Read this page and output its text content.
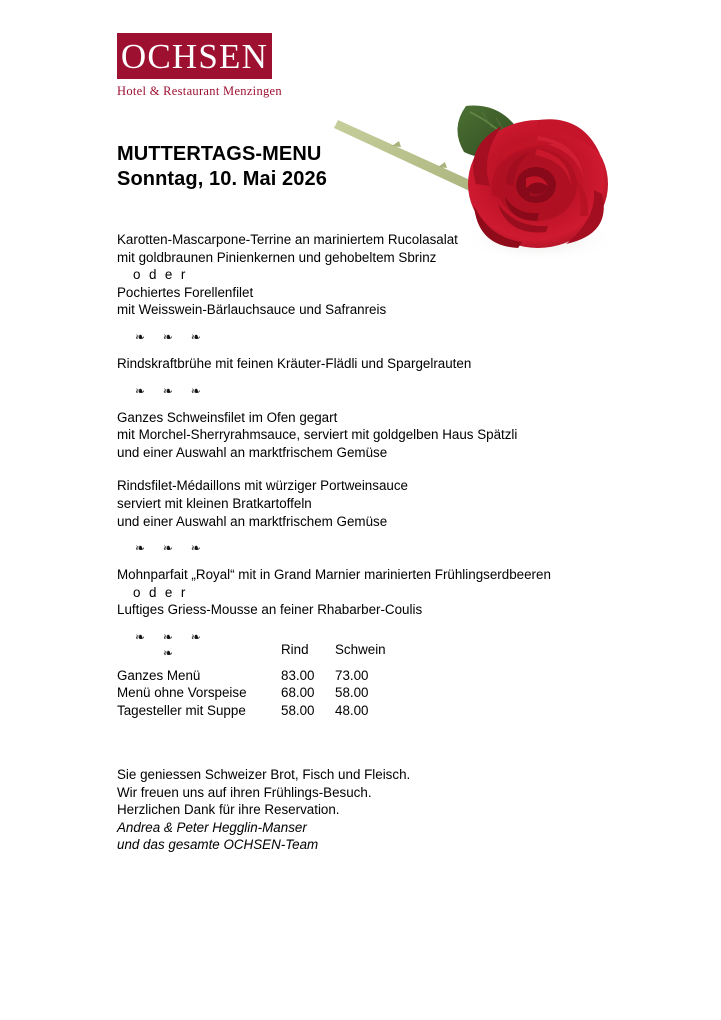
OCHSEN
Hotel & Restaurant Menzingen
MUTTERTAGS-MENU
Sonntag, 10. Mai 2026
Karotten-Mascarpone-Terrine an mariniertem Rucolasalat
mit goldbraunen Pinienkernen und gehobeltem Sbrinz
o d e r
Pochiertes Forellenfilet
mit Weisswein-Bärlauchsauce und Safranreis
❧ ❧ ❧
Rindskraftbrühe mit feinen Kräuter-Flädli und Spargelrauten
❧ ❧ ❧
Ganzes Schweinsfilet im Ofen gegart
mit Morchel-Sherryrahmsauce, serviert mit goldgelben Haus Spätzli
und einer Auswahl an marktfrischem Gemüse
Rindsfilet-Médaillons mit würziger Portweinsauce
serviert mit kleinen Bratkartoffeln
und einer Auswahl an marktfrischem Gemüse
❧ ❧ ❧
Mohnparfait „Royal“ mit in Grand Marnier marinierten Frühlingserdbeeren
o d e r
Luftiges Griess-Mousse an feiner Rhabarber-Coulis
❧ ❧ ❧
❧
		Rind	Schwein
Ganzes Menü	83.00	73.00
Menü ohne Vorspeise	68.00	58.00
Tagesteller mit Suppe	58.00	48.00
Sie geniessen Schweizer Brot, Fisch und Fleisch.
Wir freuen uns auf ihren Frühlings-Besuch.
Herzlichen Dank für ihre Reservation.
Andrea & Peter Hegglin-Manser
und das gesamte OCHSEN-Team
